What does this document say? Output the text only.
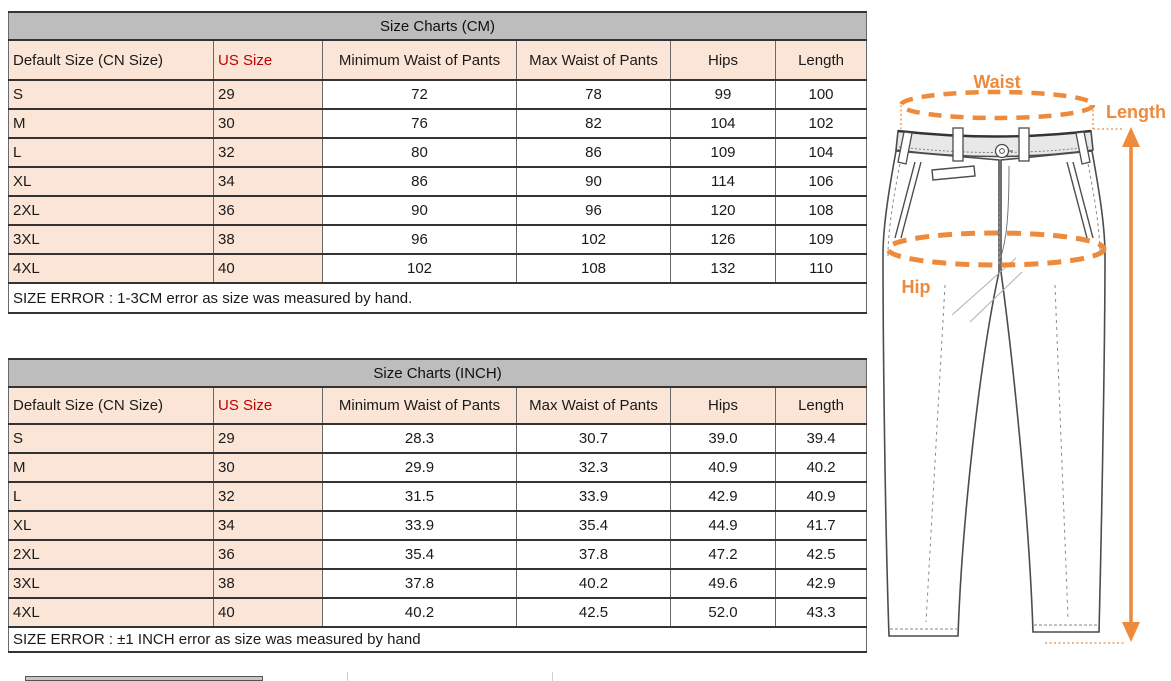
Size Charts (CM)					
Default Size (CN Size)	US Size	Minimum Waist of Pants	Max Waist of Pants	Hips	Length
S	29	72	78	99	100
M	30	76	82	104	102
L	32	80	86	109	104
XL	34	86	90	114	106
2XL	36	90	96	120	108
3XL	38	96	102	126	109
4XL	40	102	108	132	110
SIZE ERROR : 1-3CM error as size was measured by hand.					
Size Charts (INCH)					
Default Size (CN Size)	US Size	Minimum Waist of Pants	Max Waist of Pants	Hips	Length
S	29	28.3	30.7	39.0	39.4
M	30	29.9	32.3	40.9	40.2
L	32	31.5	33.9	42.9	40.9
XL	34	33.9	35.4	44.9	41.7
2XL	36	35.4	37.8	47.2	42.5
3XL	38	37.8	40.2	49.6	42.9
4XL	40	40.2	42.5	52.0	43.3
SIZE ERROR : ±1 INCH error as size was measured by hand					
Waist
Length
Hip
